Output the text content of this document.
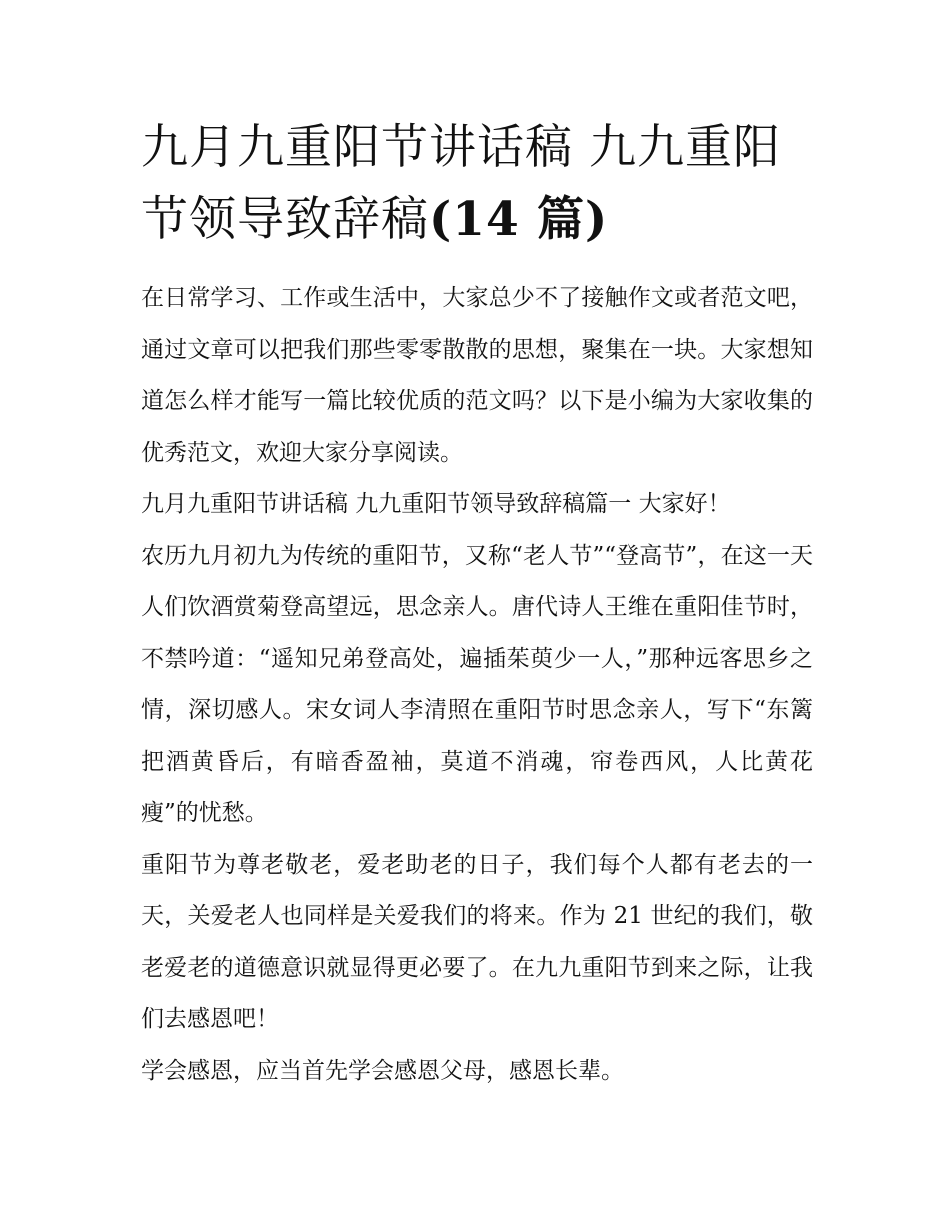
九月九重阳节讲话稿 九九重阳
节领导致辞稿(14 篇)

在日常学习、工作或生活中，大家总少不了接触作文或者范文吧，通过文章可以把我们那些零零散散的思想，聚集在一块。大家想知道怎么样才能写一篇比较优质的范文吗？以下是小编为大家收集的优秀范文，欢迎大家分享阅读。

九月九重阳节讲话稿 九九重阳节领导致辞稿篇一 大家好！

农历九月初九为传统的重阳节，又称“老人节”“登高节”，在这一天人们饮酒赏菊登高望远，思念亲人。唐代诗人王维在重阳佳节时，不禁吟道：“遥知兄弟登高处，遍插茱萸少一人，”那种远客思乡之情，深切感人。宋女词人李清照在重阳节时思念亲人，写下“东篱把酒黄昏后，有暗香盈袖，莫道不消魂，帘卷西风，人比黄花瘦”的忧愁。

重阳节为尊老敬老，爱老助老的日子，我们每个人都有老去的一天，关爱老人也同样是关爱我们的将来。作为 21 世纪的我们，敬老爱老的道德意识就显得更必要了。在九九重阳节到来之际，让我们去感恩吧！

学会感恩，应当首先学会感恩父母，感恩长辈。
